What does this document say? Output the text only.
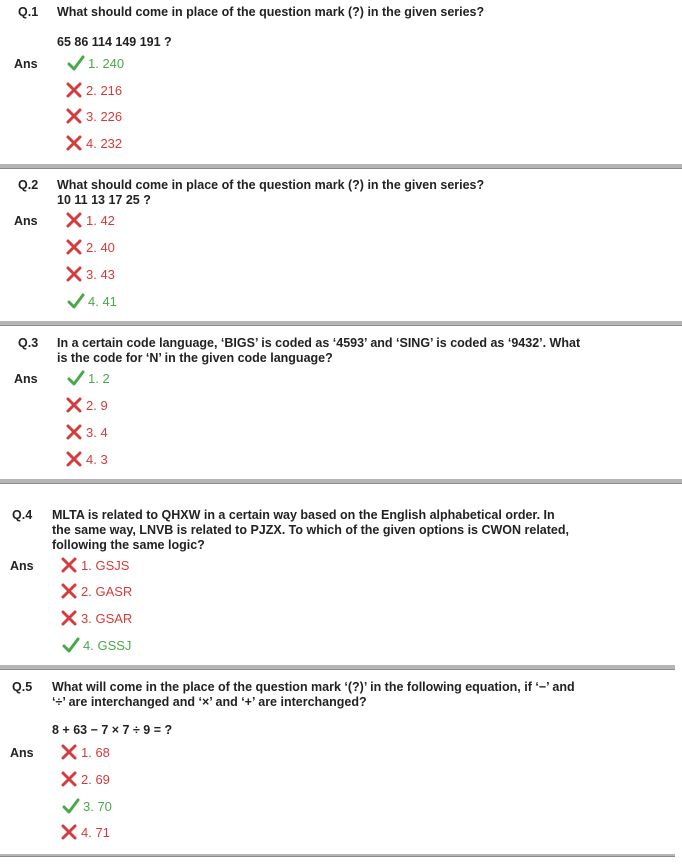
Q.1 What should come in place of the question mark (?) in the given series?
65 86 114 149 191 ?
Ans	1. 240
2. 216
3. 226
4. 232
Q.2 What should come in place of the question mark (?) in the given series?
10 11 13 17 25 ?
Ans	1. 42
2. 40
3. 43
4. 41
Q.3 In a certain code language, ‘BIGS’ is coded as ‘4593’ and ‘SING’ is coded as ‘9432’. What
is the code for ‘N’ in the given code language?
Ans	1. 2
2. 9
3. 4
4. 3
Q.4 MLTA is related to QHXW in a certain way based on the English alphabetical order. In
the same way, LNVB is related to PJZX. To which of the given options is CWON related,
following the same logic?
Ans	1. GSJS
2. GASR
3. GSAR
4. GSSJ
Q.5 What will come in the place of the question mark ‘(?)’ in the following equation, if ‘−’ and
‘÷’ are interchanged and ‘×’ and ‘+’ are interchanged?
8 + 63 − 7 × 7 ÷ 9 = ?
Ans	1. 68
2. 69
3. 70
4. 71
